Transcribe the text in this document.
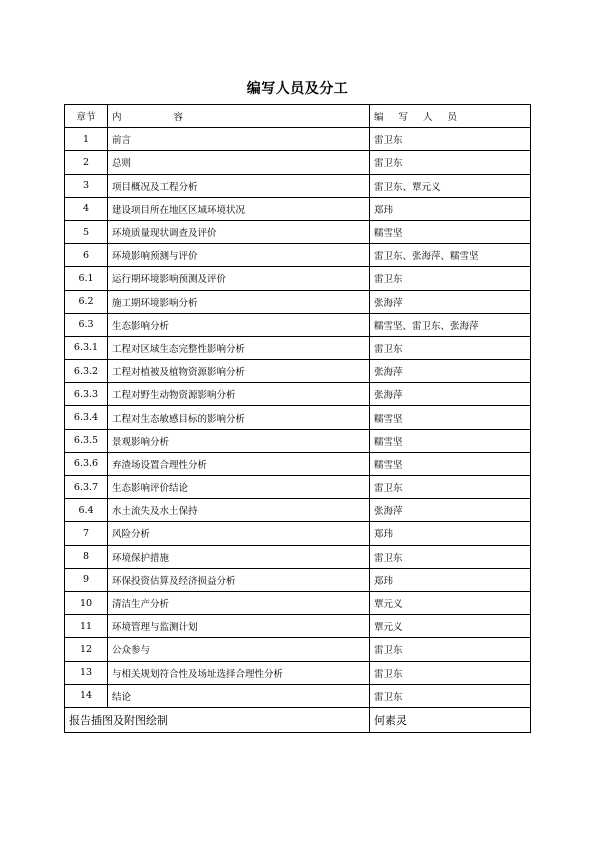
编写人员及分工
章节	内 容	编 写 人 员
1	前言	雷卫东
2	总则	雷卫东
3	项目概况及工程分析	雷卫东、覃元义
4	建设项目所在地区区域环境状况	郑玮
5	环境质量现状调查及评价	糯雪坚
6	环境影响预测与评价	雷卫东、张海萍、糯雪坚
6.1	运行期环境影响预测及评价	雷卫东
6.2	施工期环境影响分析	张海萍
6.3	生态影响分析	糯雪坚、雷卫东、张海萍
6.3.1	工程对区域生态完整性影响分析	雷卫东
6.3.2	工程对植被及植物资源影响分析	张海萍
6.3.3	工程对野生动物资源影响分析	张海萍
6.3.4	工程对生态敏感目标的影响分析	糯雪坚
6.3.5	景观影响分析	糯雪坚
6.3.6	弃渣场设置合理性分析	糯雪坚
6.3.7	生态影响评价结论	雷卫东
6.4	水土流失及水土保持	张海萍
7	风险分析	郑玮
8	环境保护措施	雷卫东
9	环保投资估算及经济损益分析	郑玮
10	清洁生产分析	覃元义
11	环境管理与监测计划	覃元义
12	公众参与	雷卫东
13	与相关规划符合性及场址选择合理性分析	雷卫东
14	结论	雷卫东
报告插图及附图绘制		何素灵
